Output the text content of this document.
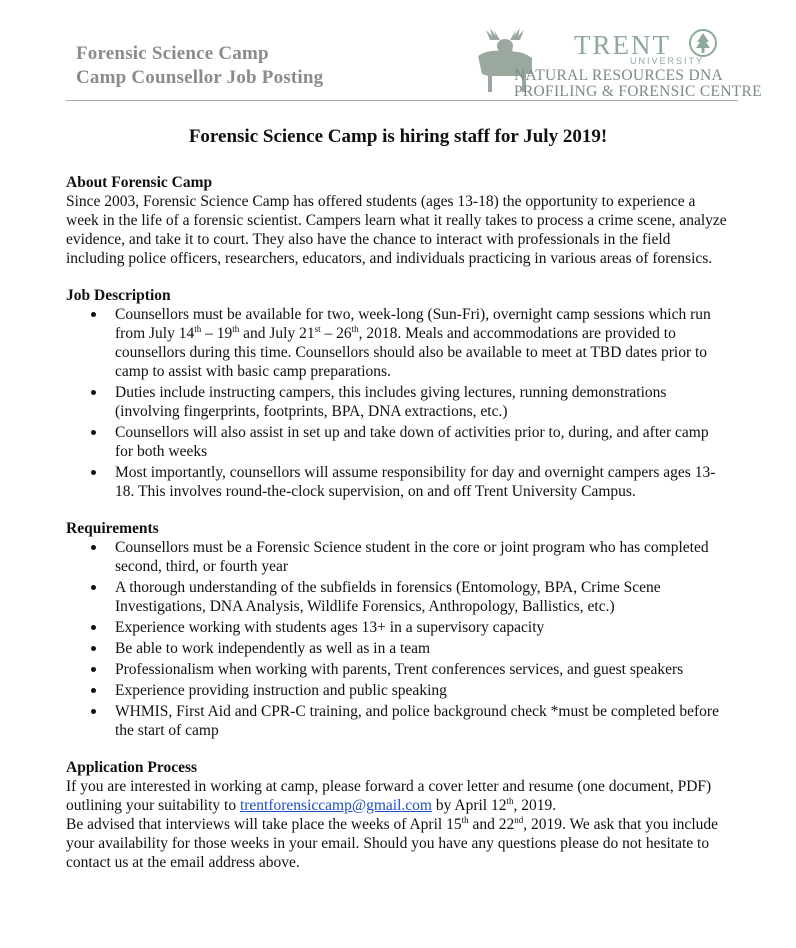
Forensic Science Camp
Camp Counsellor Job Posting
TRENT
UNIVERSITY
NATURAL RESOURCES DNA
PROFILING & FORENSIC CENTRE
Forensic Science Camp is hiring staff for July 2019!
About Forensic Camp

Since 2003, Forensic Science Camp has offered students (ages 13-18) the opportunity to experience a week in the life of a forensic scientist. Campers learn what it really takes to process a crime scene, analyze evidence, and take it to court. They also have the chance to interact with professionals in the field including police officers, researchers, educators, and individuals practicing in various areas of forensics.

Job Description
Counsellors must be available for two, week-long (Sun-Fri), overnight camp sessions which run from July 14th – 19th and July 21st – 26th, 2018. Meals and accommodations are provided to counsellors during this time. Counsellors should also be available to meet at TBD dates prior to camp to assist with basic camp preparations.
Duties include instructing campers, this includes giving lectures, running demonstrations (involving fingerprints, footprints, BPA, DNA extractions, etc.)
Counsellors will also assist in set up and take down of activities prior to, during, and after camp for both weeks
Most importantly, counsellors will assume responsibility for day and overnight campers ages 13-18. This involves round-the-clock supervision, on and off Trent University Campus.
Requirements
Counsellors must be a Forensic Science student in the core or joint program who has completed second, third, or fourth year
A thorough understanding of the subfields in forensics (Entomology, BPA, Crime Scene Investigations, DNA Analysis, Wildlife Forensics, Anthropology, Ballistics, etc.)
Experience working with students ages 13+ in a supervisory capacity
Be able to work independently as well as in a team
Professionalism when working with parents, Trent conferences services, and guest speakers
Experience providing instruction and public speaking
WHMIS, First Aid and CPR-C training, and police background check *must be completed before the start of camp
Application Process

If you are interested in working at camp, please forward a cover letter and resume (one document, PDF) outlining your suitability to trentforensiccamp@gmail.com by April 12th, 2019.

Be advised that interviews will take place the weeks of April 15th and 22nd, 2019. We ask that you include your availability for those weeks in your email. Should you have any questions please do not hesitate to contact us at the email address above.
